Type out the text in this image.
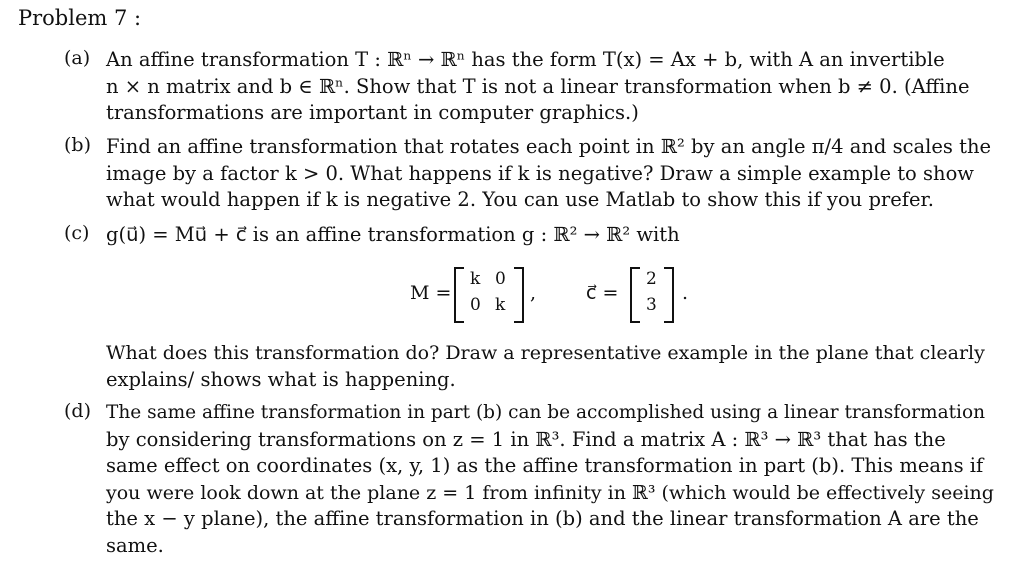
Problem 7 :
(a) An affine transformation T : ℝⁿ → ℝⁿ has the form T(x) = Ax + b, with A an invertible
n × n matrix and b ∈ ℝⁿ. Show that T is not a linear transformation when b ≠ 0. (Affine
transformations are important in computer graphics.)
(b) Find an affine transformation that rotates each point in ℝ² by an angle π/4 and scales the
image by a factor k > 0. What happens if k is negative? Draw a simple example to show
what would happen if k is negative 2. You can use Matlab to show this if you prefer.
(c) g(u⃗) = Mu⃗ + c⃗ is an affine transformation g : ℝ² → ℝ² with
M =
k 0
0 k
,	c⃗ =
2
3
.
What does this transformation do? Draw a representative example in the plane that clearly
explains/ shows what is happening.
(d) The same affine transformation in part (b) can be accomplished using a linear transformation
by considering transformations on z = 1 in ℝ³. Find a matrix A : ℝ³ → ℝ³ that has the
same effect on coordinates (x, y, 1) as the affine transformation in part (b). This means if
you were look down at the plane z = 1 from infinity in ℝ³ (which would be effectively seeing
the x − y plane), the affine transformation in (b) and the linear transformation A are the
same.
